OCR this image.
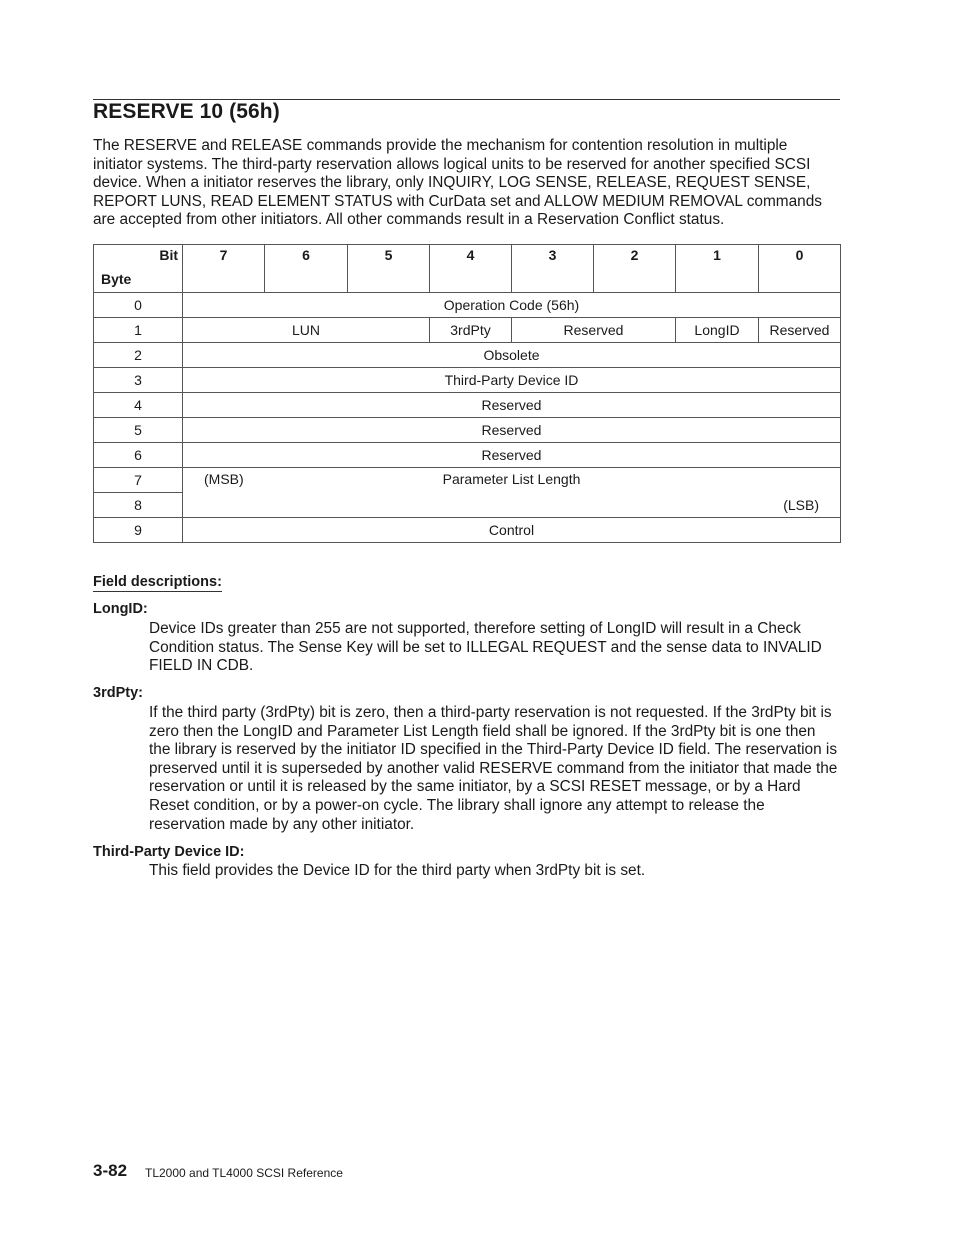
RESERVE 10 (56h)

The RESERVE and RELEASE commands provide the mechanism for contention resolution in multiple initiator systems. The third-party reservation allows logical units to be reserved for another specified SCSI device. When a initiator reserves the library, only INQUIRY, LOG SENSE, RELEASE, REQUEST SENSE, REPORT LUNS, READ ELEMENT STATUS with CurData set and ALLOW MEDIUM REMOVAL commands are accepted from other initiators. All other commands result in a Reservation Conflict status.

Bit
Byte	7	6	5	4	3	2	1	0
0	Operation Code (56h)							
1	LUN			3rdPty	Reserved		LongID	Reserved
2	Obsolete							
3	Third-Party Device ID							
4	Reserved							
5	Reserved							
6	Reserved							
7	(MSB) Parameter List Length							

8	(LSB)							

9	Control							
Field descriptions:
LongID:

Device IDs greater than 255 are not supported, therefore setting of LongID will result in a Check Condition status. The Sense Key will be set to ILLEGAL REQUEST and the sense data to INVALID FIELD IN CDB.

3rdPty:

If the third party (3rdPty) bit is zero, then a third-party reservation is not requested. If the 3rdPty bit is zero then the LongID and Parameter List Length field shall be ignored. If the 3rdPty bit is one then the library is reserved by the initiator ID specified in the Third-Party Device ID field. The reservation is preserved until it is superseded by another valid RESERVE command from the initiator that made the reservation or until it is released by the same initiator, by a SCSI RESET message, or by a Hard Reset condition, or by a power-on cycle. The library shall ignore any attempt to release the reservation made by any other initiator.

Third-Party Device ID:

This field provides the Device ID for the third party when 3rdPty bit is set.

3-82 TL2000 and TL4000 SCSI Reference
